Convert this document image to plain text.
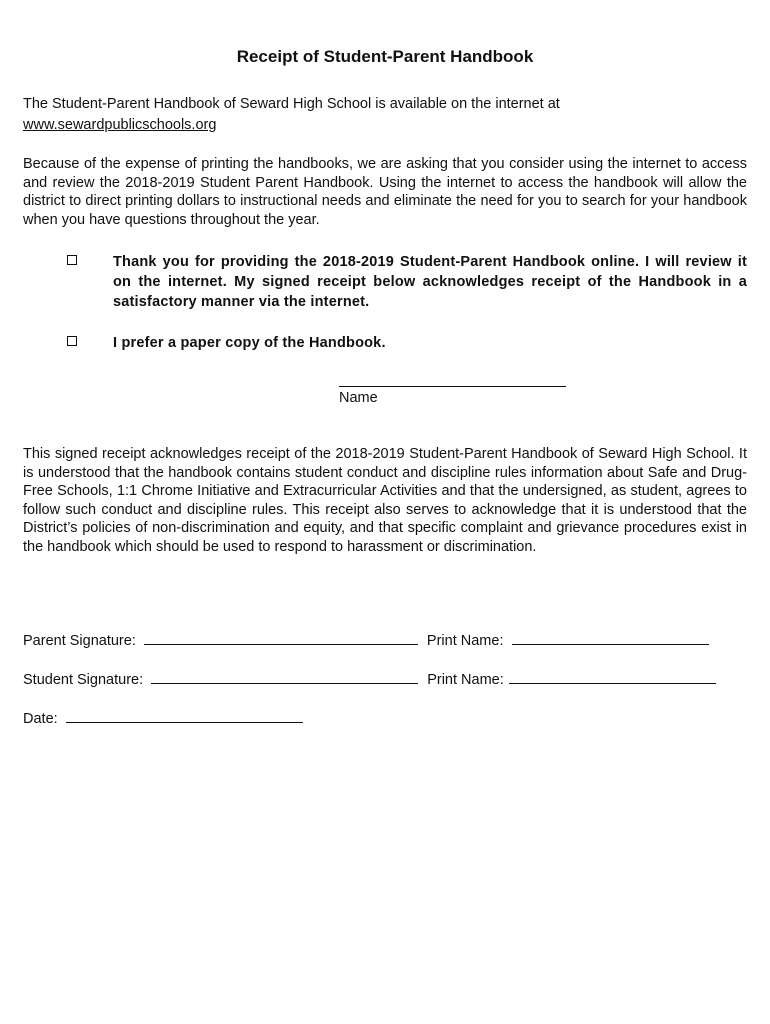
Receipt of Student-Parent Handbook
The Student-Parent Handbook of Seward High School is available on the internet at
www.sewardpublicschools.org
Because of the expense of printing the handbooks, we are asking that you consider using the internet to access and review the 2018-2019 Student Parent Handbook. Using the internet to access the handbook will allow the district to direct printing dollars to instructional needs and eliminate the need for you to search for your handbook when you have questions throughout the year.
Thank you for providing the 2018-2019 Student-Parent Handbook online. I will review it on the internet. My signed receipt below acknowledges receipt of the Handbook in a satisfactory manner via the internet.
I prefer a paper copy of the Handbook.
Name
This signed receipt acknowledges receipt of the 2018-2019 Student-Parent Handbook of Seward High School. It is understood that the handbook contains student conduct and discipline rules information about Safe and Drug-Free Schools, 1:1 Chrome Initiative and Extracurricular Activities and that the undersigned, as student, agrees to follow such conduct and discipline rules. This receipt also serves to acknowledge that it is understood that the District’s policies of non-discrimination and equity, and that specific complaint and grievance procedures exist in the handbook which should be used to respond to harassment or discrimination.
Parent Signature:	Print Name:
Student Signature:	Print Name:
Date:
